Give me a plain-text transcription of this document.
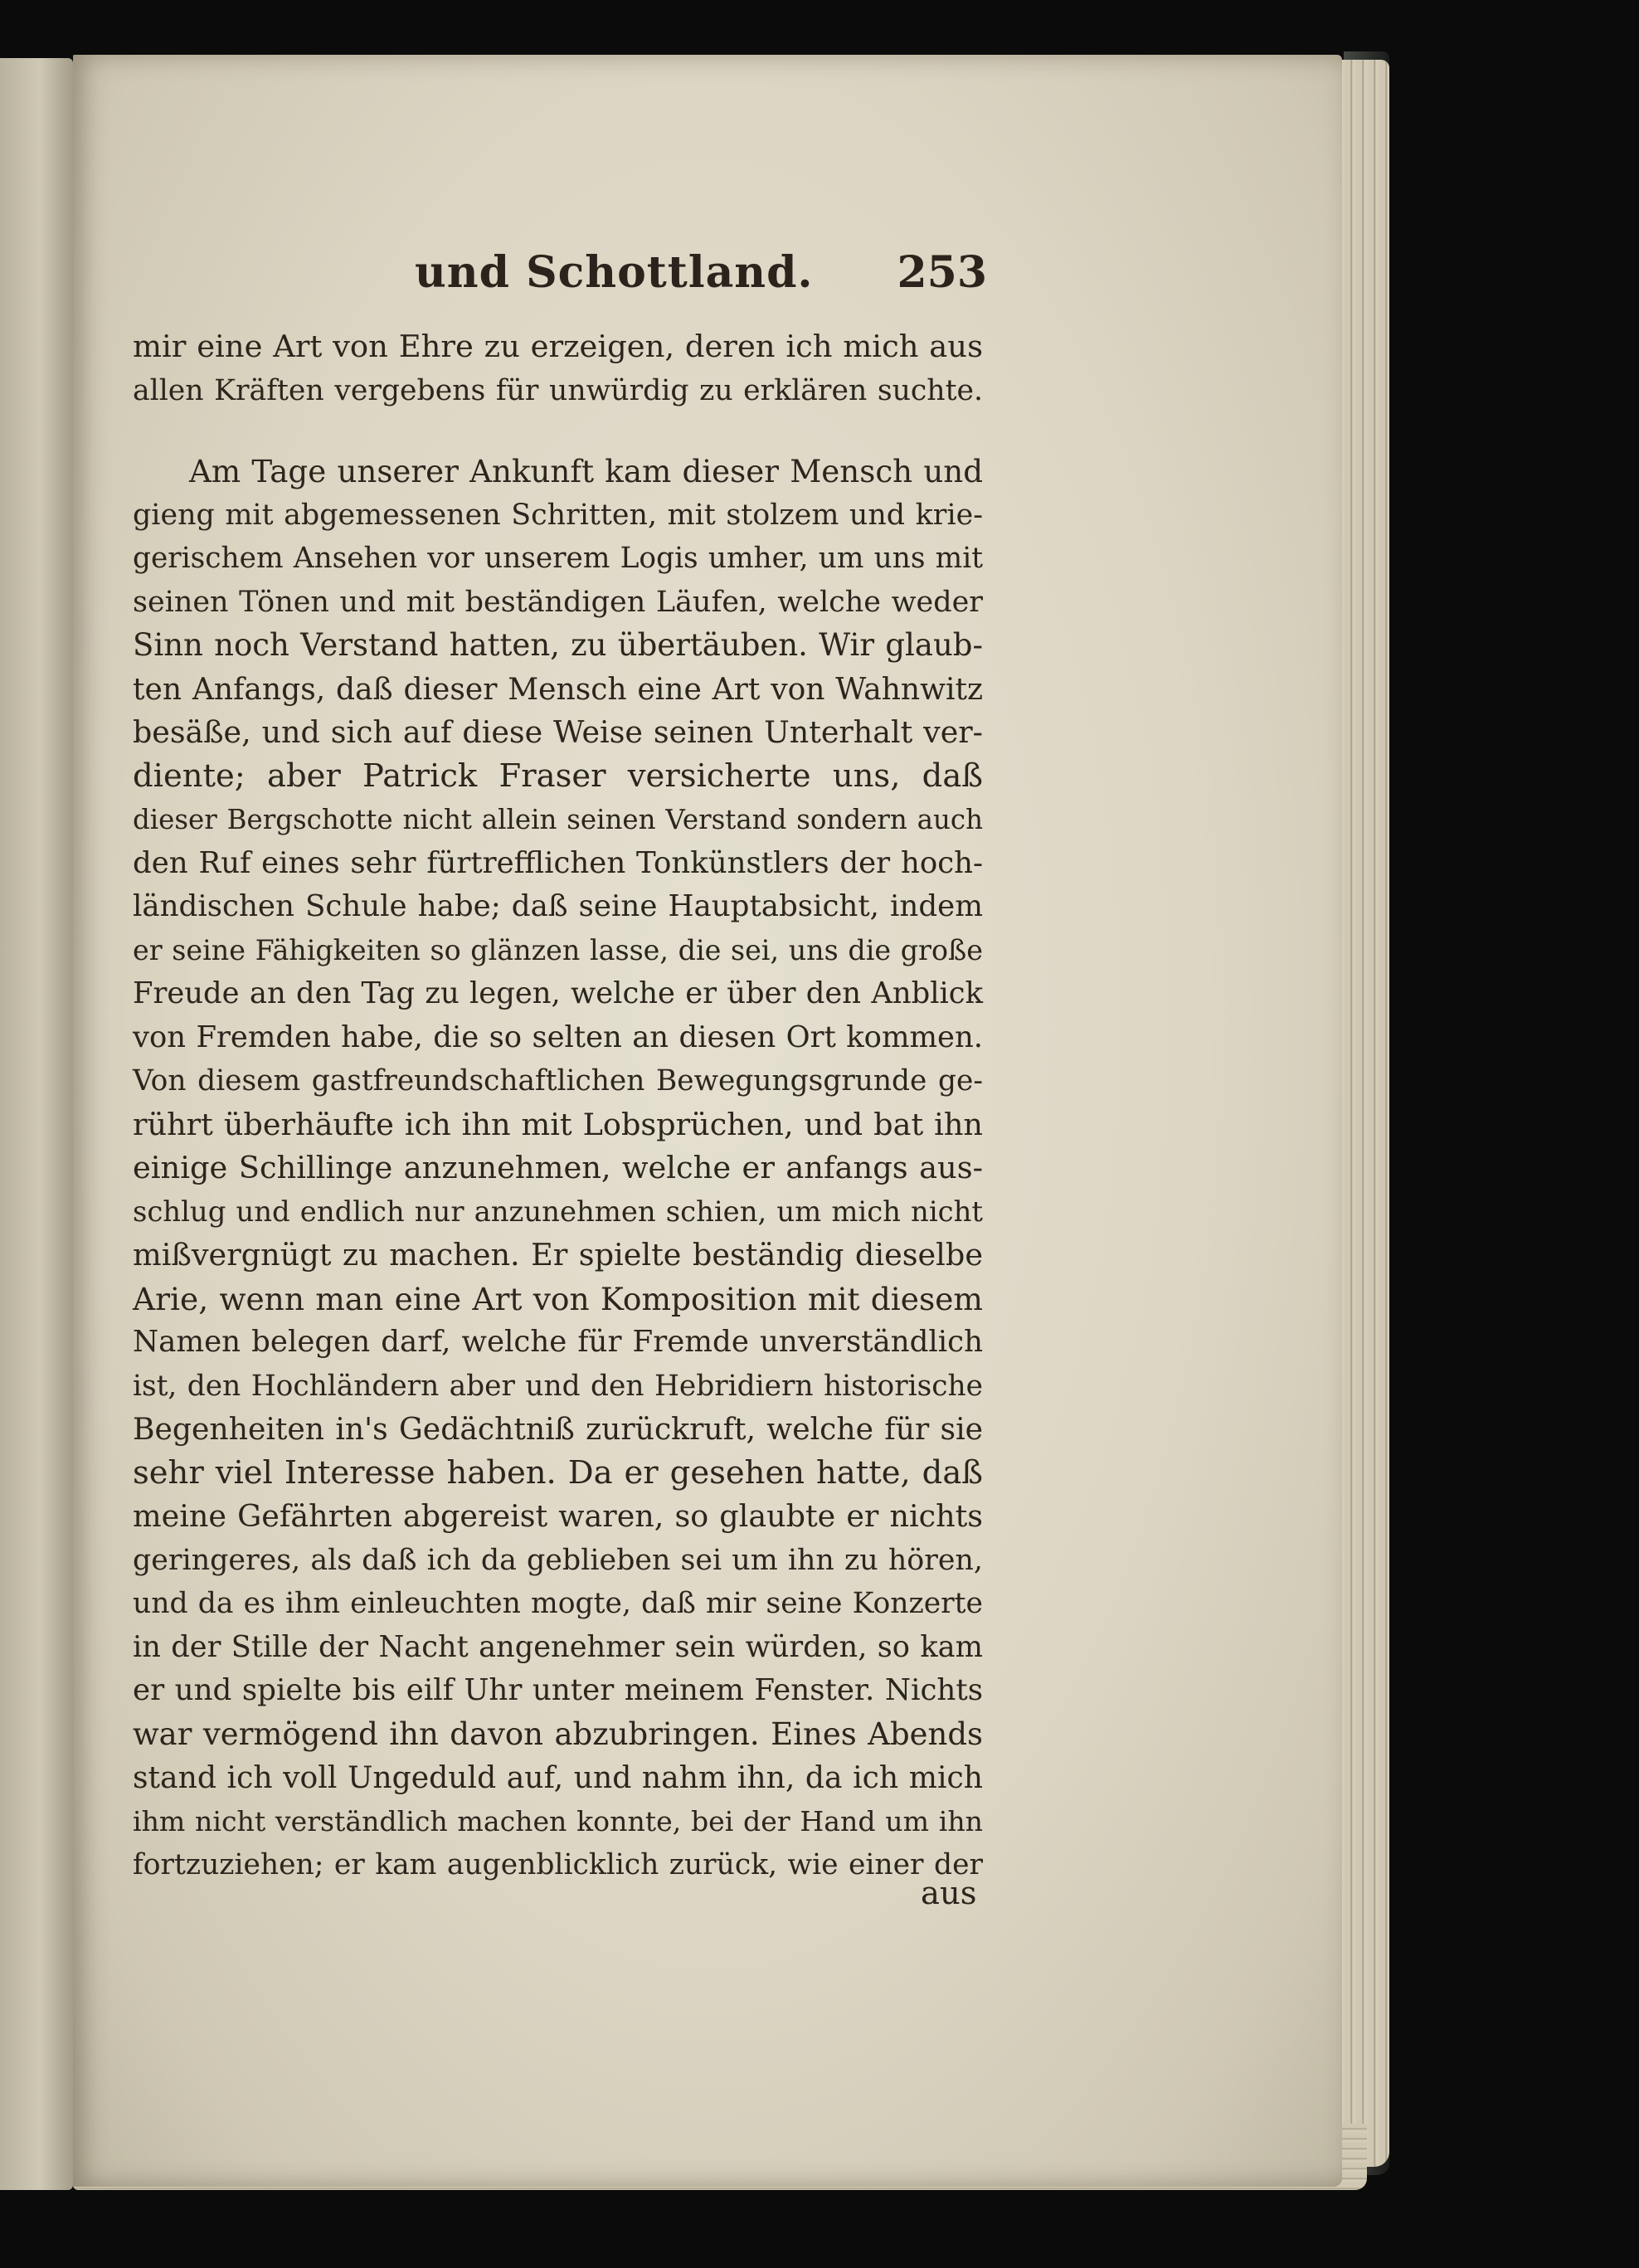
und Schottland. 253
mir eine Art von Ehre zu erzeigen, deren ich mich aus
allen Kräften vergebens für unwürdig zu erklären suchte.
Am Tage unserer Ankunft kam dieser Mensch und
gieng mit abgemessenen Schritten, mit stolzem und krie-
gerischem Ansehen vor unserem Logis umher, um uns mit
seinen Tönen und mit beständigen Läufen, welche weder
Sinn noch Verstand hatten, zu übertäuben. Wir glaub-
ten Anfangs, daß dieser Mensch eine Art von Wahnwitz
besäße, und sich auf diese Weise seinen Unterhalt ver-
diente; aber Patrick Fraser versicherte uns, daß
dieser Bergschotte nicht allein seinen Verstand sondern auch
den Ruf eines sehr fürtrefflichen Tonkünstlers der hoch-
ländischen Schule habe; daß seine Hauptabsicht, indem
er seine Fähigkeiten so glänzen lasse, die sei, uns die große
Freude an den Tag zu legen, welche er über den Anblick
von Fremden habe, die so selten an diesen Ort kommen.
Von diesem gastfreundschaftlichen Bewegungsgrunde ge-
rührt überhäufte ich ihn mit Lobsprüchen, und bat ihn
einige Schillinge anzunehmen, welche er anfangs aus-
schlug und endlich nur anzunehmen schien, um mich nicht
mißvergnügt zu machen. Er spielte beständig dieselbe
Arie, wenn man eine Art von Komposition mit diesem
Namen belegen darf, welche für Fremde unverständlich
ist, den Hochländern aber und den Hebridiern historische
Begenheiten in's Gedächtniß zurückruft, welche für sie
sehr viel Interesse haben. Da er gesehen hatte, daß
meine Gefährten abgereist waren, so glaubte er nichts
geringeres, als daß ich da geblieben sei um ihn zu hören,
und da es ihm einleuchten mogte, daß mir seine Konzerte
in der Stille der Nacht angenehmer sein würden, so kam
er und spielte bis eilf Uhr unter meinem Fenster. Nichts
war vermögend ihn davon abzubringen. Eines Abends
stand ich voll Ungeduld auf, und nahm ihn, da ich mich
ihm nicht verständlich machen konnte, bei der Hand um ihn
fortzuziehen; er kam augenblicklich zurück, wie einer der
aus
